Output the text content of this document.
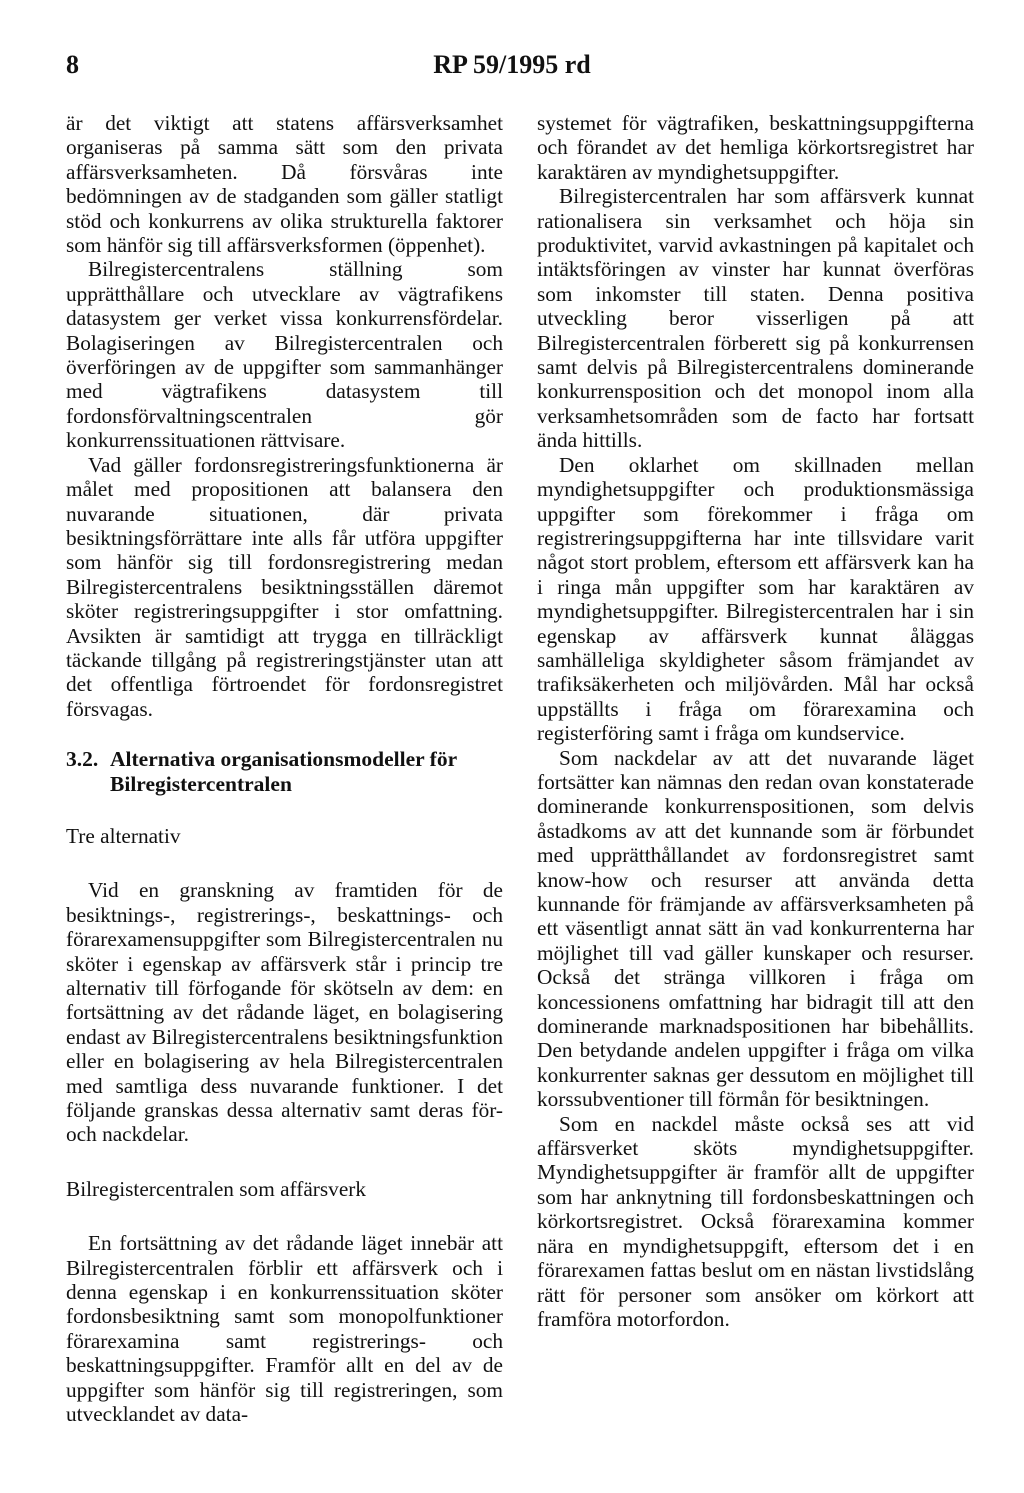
8	RP 59/1995 rd

är det viktigt att statens affärsverksamhet organiseras på samma sätt som den privata affärsverksamheten. Då försvåras inte bedömningen av de stadganden som gäller statligt stöd och konkurrens av olika strukturella faktorer som hänför sig till affärsverksformen (öppenhet).

Bilregistercentralens ställning som upprätthållare och utvecklare av vägtrafikens datasystem ger verket vissa konkurrensfördelar. Bolagiseringen av Bilregistercentralen och överföringen av de uppgifter som sammanhänger med vägtrafikens datasystem till fordonsförvaltningscentralen gör konkurrenssituationen rättvisare.

Vad gäller fordonsregistreringsfunktionerna är målet med propositionen att balansera den nuvarande situationen, där privata besiktningsförrättare inte alls får utföra uppgifter som hänför sig till fordonsregistrering medan Bilregistercentralens besiktningsställen däremot sköter registreringsuppgifter i stor omfattning. Avsikten är samtidigt att trygga en tillräckligt täckande tillgång på registreringstjänster utan att det offentliga förtroendet för fordonsregistret försvagas.

3.2. Alternativa organisationsmodeller för Bilregistercentralen
Tre alternativ

Vid en granskning av framtiden för de besiktnings-, registrerings-, beskattnings- och förarexamensuppgifter som Bilregistercentralen nu sköter i egenskap av affärsverk står i princip tre alternativ till förfogande för skötseln av dem: en fortsättning av det rådande läget, en bolagisering endast av Bilregistercentralens besiktningsfunktion eller en bolagisering av hela Bilregistercentralen med samtliga dess nuvarande funktioner. I det följande granskas dessa alternativ samt deras för- och nackdelar.

Bilregistercentralen som affärsverk

En fortsättning av det rådande läget innebär att Bilregistercentralen förblir ett affärsverk och i denna egenskap i en konkurrenssituation sköter fordonsbesiktning samt som monopolfunktioner förarexamina samt registrerings- och beskattningsuppgifter. Framför allt en del av de uppgifter som hänför sig till registreringen, som utvecklandet av data-

systemet för vägtrafiken, beskattningsuppgifterna och förandet av det hemliga körkortsregistret har karaktären av myndighetsuppgifter.

Bilregistercentralen har som affärsverk kunnat rationalisera sin verksamhet och höja sin produktivitet, varvid avkastningen på kapitalet och intäktsföringen av vinster har kunnat överföras som inkomster till staten. Denna positiva utveckling beror visserligen på att Bilregistercentralen förberett sig på konkurrensen samt delvis på Bilregistercentralens dominerande konkurrensposition och det monopol inom alla verksamhetsområden som de facto har fortsatt ända hittills.

Den oklarhet om skillnaden mellan myndighetsuppgifter och produktionsmässiga uppgifter som förekommer i fråga om registreringsuppgifterna har inte tillsvidare varit något stort problem, eftersom ett affärsverk kan ha i ringa mån uppgifter som har karaktären av myndighetsuppgifter. Bilregistercentralen har i sin egenskap av affärsverk kunnat åläggas samhälleliga skyldigheter såsom främjandet av trafiksäkerheten och miljövården. Mål har också uppställts i fråga om förarexamina och registerföring samt i fråga om kundservice.

Som nackdelar av att det nuvarande läget fortsätter kan nämnas den redan ovan konstaterade dominerande konkurrenspositionen, som delvis åstadkoms av att det kunnande som är förbundet med upprätthållandet av fordonsregistret samt know-how och resurser att använda detta kunnande för främjande av affärsverksamheten på ett väsentligt annat sätt än vad konkurrenterna har möjlighet till vad gäller kunskaper och resurser. Också det stränga villkoren i fråga om koncessionens omfattning har bidragit till att den dominerande marknadspositionen har bibehållits. Den betydande andelen uppgifter i fråga om vilka konkurrenter saknas ger dessutom en möjlighet till korssubventioner till förmån för besiktningen.

Som en nackdel måste också ses att vid affärsverket sköts myndighetsuppgifter. Myndighetsuppgifter är framför allt de uppgifter som har anknytning till fordonsbeskattningen och körkortsregistret. Också förarexamina kommer nära en myndighetsuppgift, eftersom det i en förarexamen fattas beslut om en nästan livstidslång rätt för personer som ansöker om körkort att framföra motorfordon.
